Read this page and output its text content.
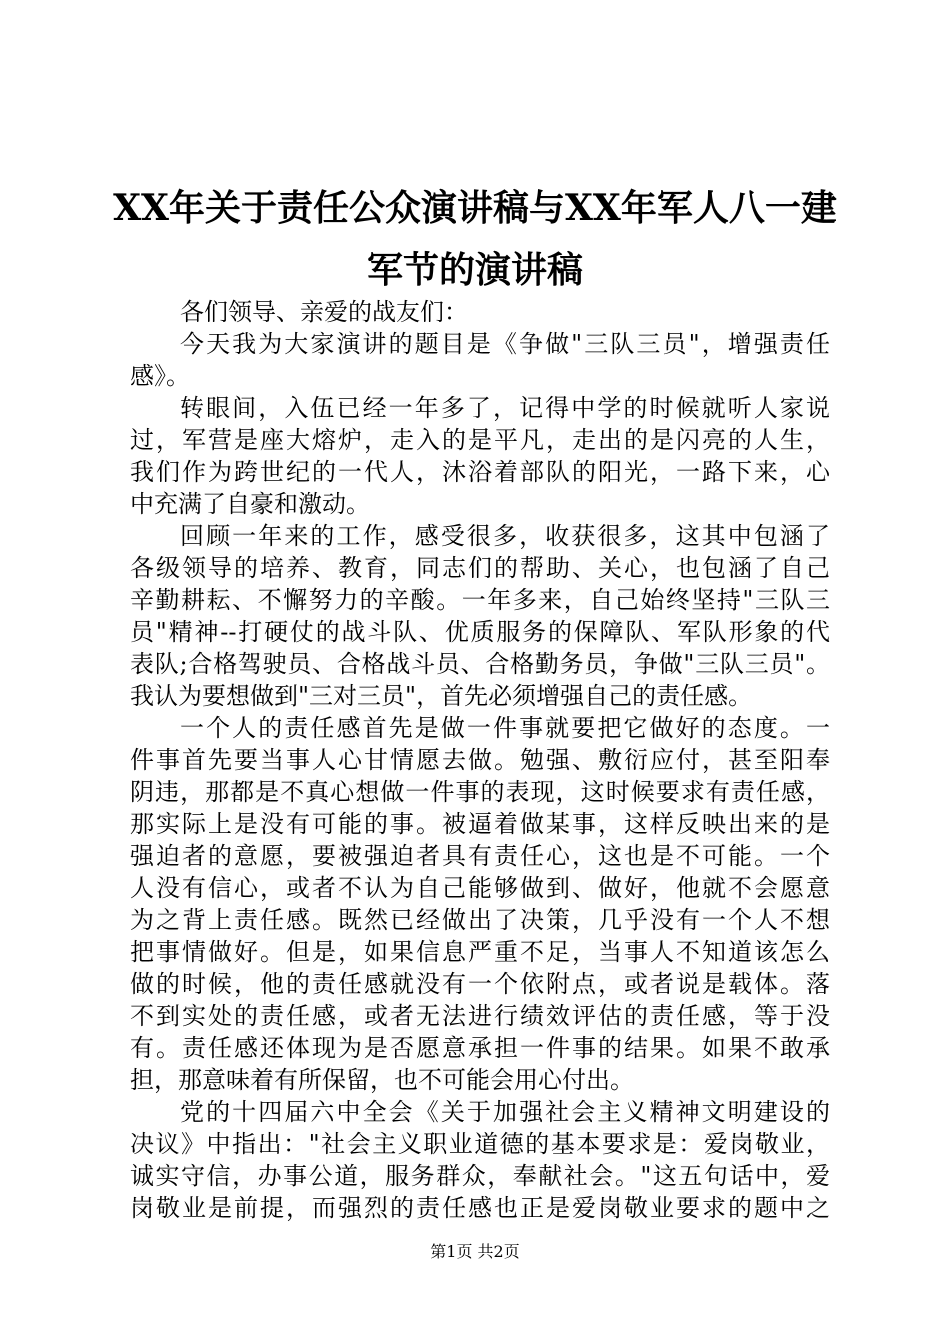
XX年关于责任公众演讲稿与XX年军人八一建
军节的演讲稿
各们领导、亲爱的战友们：
今天我为大家演讲的题目是《争做"三队三员"，增强责任
感》。
转眼间，入伍已经一年多了，记得中学的时候就听人家说
过，军营是座大熔炉，走入的是平凡，走出的是闪亮的人生，
我们作为跨世纪的一代人，沐浴着部队的阳光，一路下来，心
中充满了自豪和激动。
回顾一年来的工作，感受很多，收获很多，这其中包涵了
各级领导的培养、教育，同志们的帮助、关心，也包涵了自己
辛勤耕耘、不懈努力的辛酸。一年多来，自己始终坚持"三队三
员"精神--打硬仗的战斗队、优质服务的保障队、军队形象的代
表队;合格驾驶员、合格战斗员、合格勤务员，争做"三队三员"。
我认为要想做到"三对三员"，首先必须增强自己的责任感。
一个人的责任感首先是做一件事就要把它做好的态度。一
件事首先要当事人心甘情愿去做。勉强、敷衍应付，甚至阳奉
阴违，那都是不真心想做一件事的表现，这时候要求有责任感，
那实际上是没有可能的事。被逼着做某事，这样反映出来的是
强迫者的意愿，要被强迫者具有责任心，这也是不可能。一个
人没有信心，或者不认为自己能够做到、做好，他就不会愿意
为之背上责任感。既然已经做出了决策，几乎没有一个人不想
把事情做好。但是，如果信息严重不足，当事人不知道该怎么
做的时候，他的责任感就没有一个依附点，或者说是载体。落
不到实处的责任感，或者无法进行绩效评估的责任感，等于没
有。责任感还体现为是否愿意承担一件事的结果。如果不敢承
担，那意味着有所保留，也不可能会用心付出。
党的十四届六中全会《关于加强社会主义精神文明建设的
决议》中指出："社会主义职业道德的基本要求是：爱岗敬业，
诚实守信，办事公道，服务群众，奉献社会。"这五句话中，爱
岗敬业是前提，而强烈的责任感也正是爱岗敬业要求的题中之
第1页 共2页
